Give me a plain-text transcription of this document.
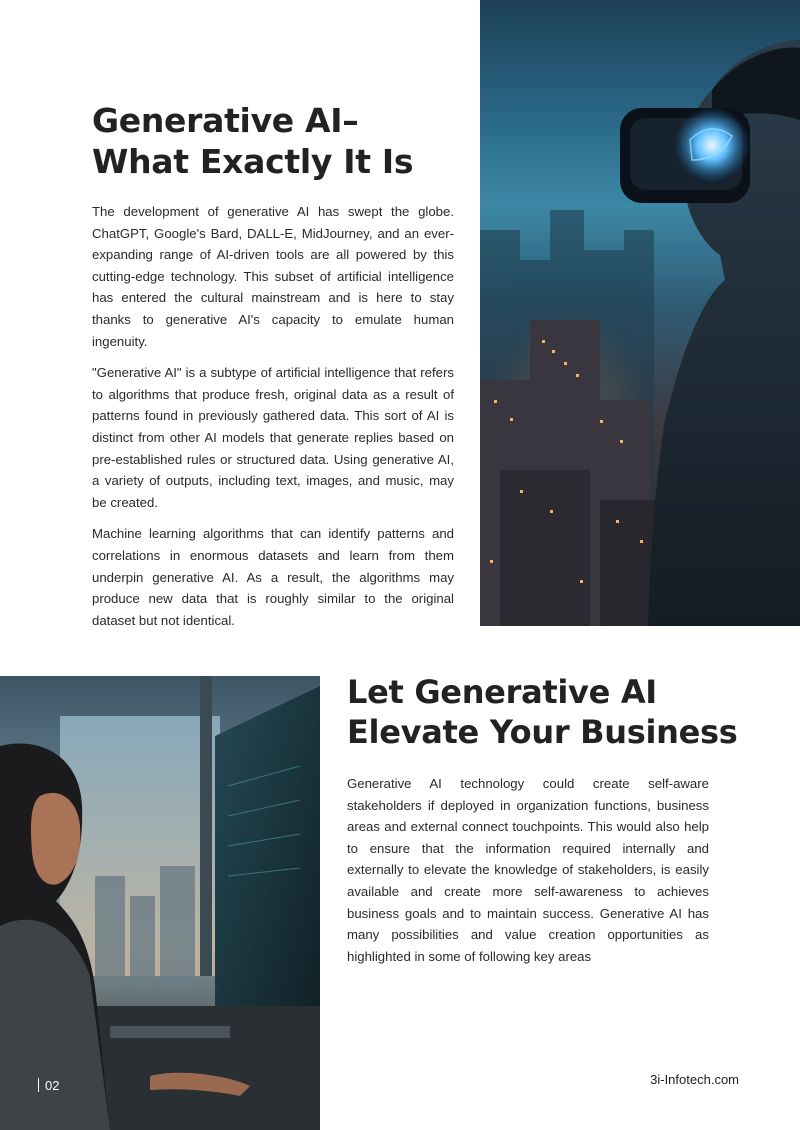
Generative AI–
What Exactly It Is

The development of generative AI has swept the globe. ChatGPT, Google's Bard, DALL-E, MidJourney, and an ever-expanding range of AI-driven tools are all powered by this cutting-edge technology. This subset of artificial intelligence has entered the cultural mainstream and is here to stay thanks to generative AI's capacity to emulate human ingenuity.

"Generative AI" is a subtype of artificial intelligence that refers to algorithms that produce fresh, original data as a result of patterns found in previously gathered data. This sort of AI is distinct from other AI models that generate replies based on pre-established rules or structured data. Using generative AI, a variety of outputs, including text, images, and music, may be created.

Machine learning algorithms that can identify patterns and correlations in enormous datasets and learn from them underpin generative AI. As a result, the algorithms may produce new data that is roughly similar to the original dataset but not identical.

Let Generative AI
Elevate Your Business

Generative AI technology could create self-aware stakeholders if deployed in organization functions, business areas and external connect touchpoints. This would also help to ensure that the information required internally and externally to elevate the knowledge of stakeholders, is easily available and create more self-awareness to achieves business goals and to maintain success. Generative AI has many possibilities and value creation opportunities as highlighted in some of following key areas

02	3i-Infotech.com
